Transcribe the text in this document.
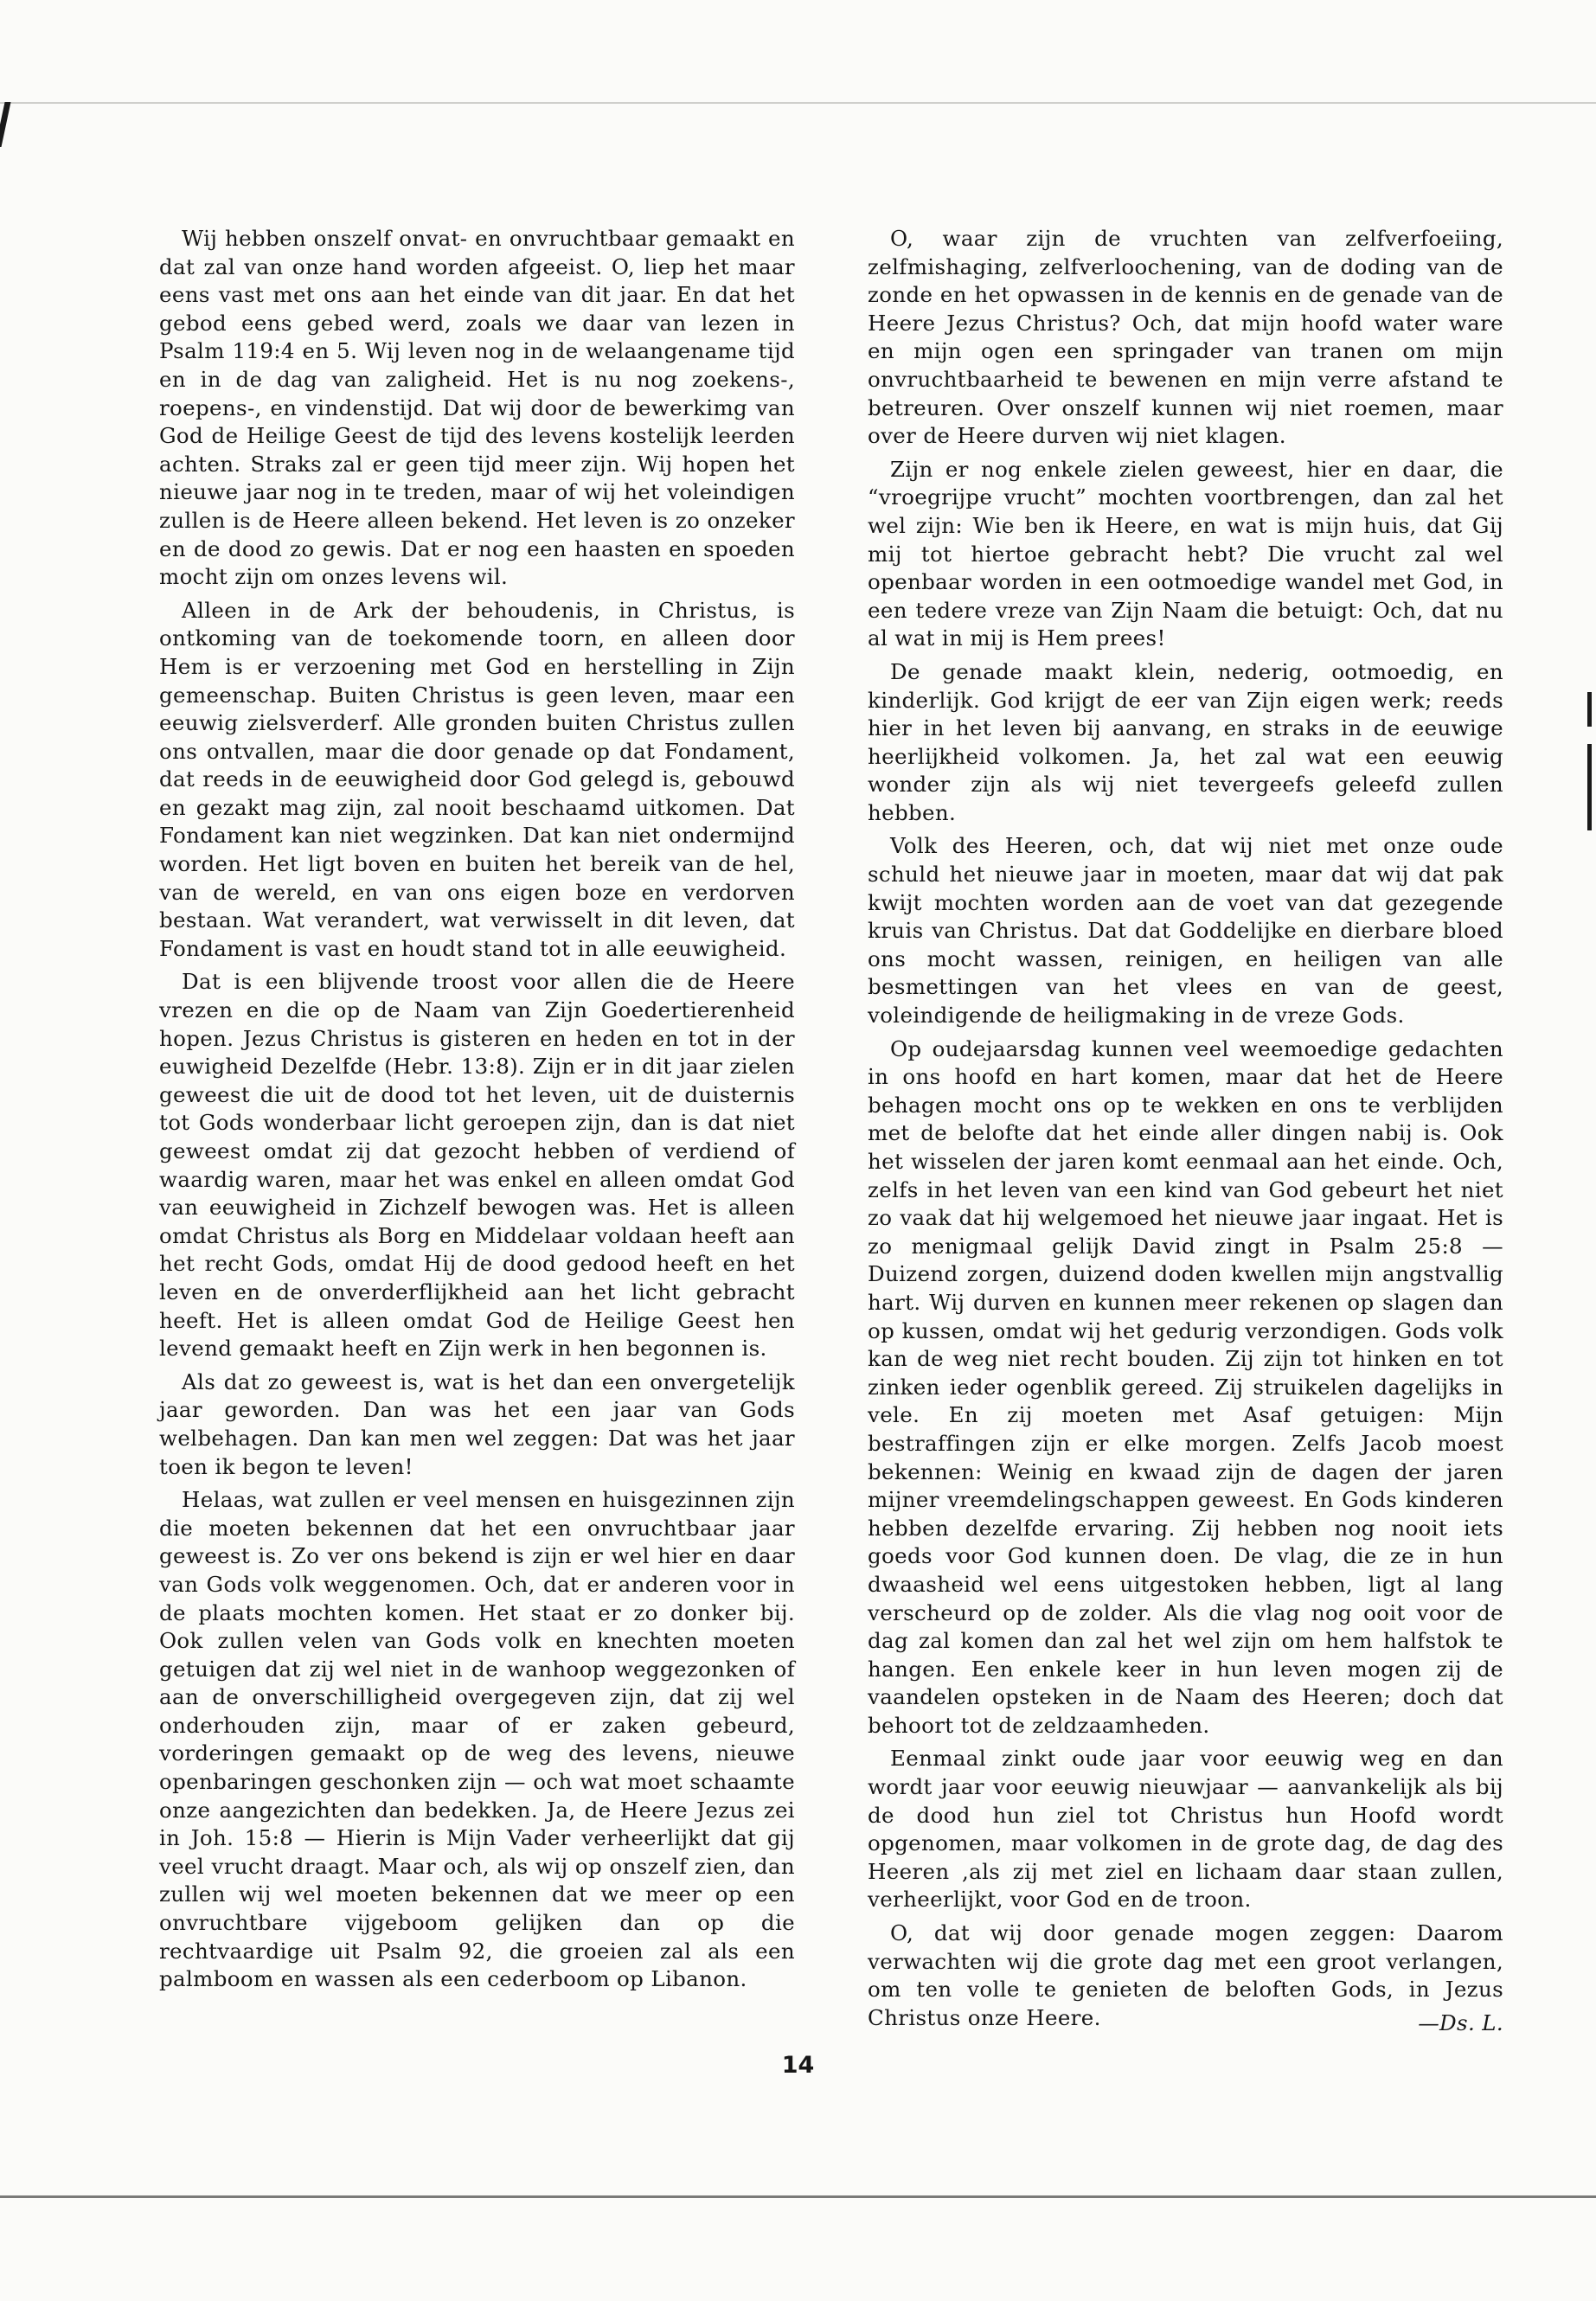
Wij hebben onszelf onvat- en onvruchtbaar gemaakt en dat zal van onze hand worden afgeeist. O, liep het maar eens vast met ons aan het einde van dit jaar. En dat het gebod eens gebed werd, zoals we daar van lezen in Psalm 119:4 en 5. Wij leven nog in de welaangename tijd en in de dag van zaligheid. Het is nu nog zoekens-, roepens-, en vindenstijd. Dat wij door de bewerkimg van God de Heilige Geest de tijd des levens kostelijk leerden achten. Straks zal er geen tijd meer zijn. Wij hopen het nieuwe jaar nog in te treden, maar of wij het voleindigen zullen is de Heere alleen bekend. Het leven is zo onzeker en de dood zo gewis. Dat er nog een haasten en spoeden mocht zijn om onzes levens wil.

Alleen in de Ark der behoudenis, in Christus, is ontkoming van de toekomende toorn, en alleen door Hem is er verzoening met God en herstelling in Zijn gemeenschap. Buiten Christus is geen leven, maar een eeuwig zielsverderf. Alle gronden buiten Christus zullen ons ontvallen, maar die door genade op dat Fondament, dat reeds in de eeuwigheid door God gelegd is, gebouwd en gezakt mag zijn, zal nooit beschaamd uitkomen. Dat Fondament kan niet wegzinken. Dat kan niet ondermijnd worden. Het ligt boven en buiten het bereik van de hel, van de wereld, en van ons eigen boze en verdorven bestaan. Wat verandert, wat verwisselt in dit leven, dat Fondament is vast en houdt stand tot in alle eeuwigheid.

Dat is een blijvende troost voor allen die de Heere vrezen en die op de Naam van Zijn Goedertierenheid hopen. Jezus Christus is gisteren en heden en tot in der euwigheid Dezelfde (Hebr. 13:8). Zijn er in dit jaar zielen geweest die uit de dood tot het leven, uit de duisternis tot Gods wonderbaar licht geroepen zijn, dan is dat niet geweest omdat zij dat gezocht hebben of verdiend of waardig waren, maar het was enkel en alleen omdat God van eeuwigheid in Zichzelf bewogen was. Het is alleen omdat Christus als Borg en Middelaar voldaan heeft aan het recht Gods, omdat Hij de dood gedood heeft en het leven en de onverderflijkheid aan het licht gebracht heeft. Het is alleen omdat God de Heilige Geest hen levend gemaakt heeft en Zijn werk in hen begonnen is.

Als dat zo geweest is, wat is het dan een onvergetelijk jaar geworden. Dan was het een jaar van Gods welbehagen. Dan kan men wel zeggen: Dat was het jaar toen ik begon te leven!

Helaas, wat zullen er veel mensen en huisgezinnen zijn die moeten bekennen dat het een onvruchtbaar jaar geweest is. Zo ver ons bekend is zijn er wel hier en daar van Gods volk weggenomen. Och, dat er anderen voor in de plaats mochten komen. Het staat er zo donker bij. Ook zullen velen van Gods volk en knechten moeten getuigen dat zij wel niet in de wanhoop weggezonken of aan de onverschilligheid overgegeven zijn, dat zij wel onderhouden zijn, maar of er zaken gebeurd, vorderingen gemaakt op de weg des levens, nieuwe openbaringen geschonken zijn — och wat moet schaamte onze aangezichten dan bedekken. Ja, de Heere Jezus zei in Joh. 15:8 — Hierin is Mijn Vader verheerlijkt dat gij veel vrucht draagt. Maar och, als wij op onszelf zien, dan zullen wij wel moeten bekennen dat we meer op een onvruchtbare vijgeboom gelijken dan op die rechtvaardige uit Psalm 92, die groeien zal als een palmboom en wassen als een cederboom op Libanon.

O, waar zijn de vruchten van zelfverfoeiing, zelfmishaging, zelfverloochening, van de doding van de zonde en het opwassen in de kennis en de genade van de Heere Jezus Christus? Och, dat mijn hoofd water ware en mijn ogen een springader van tranen om mijn onvruchtbaarheid te bewenen en mijn verre afstand te betreuren. Over onszelf kunnen wij niet roemen, maar over de Heere durven wij niet klagen.

Zijn er nog enkele zielen geweest, hier en daar, die “vroegrijpe vrucht” mochten voortbrengen, dan zal het wel zijn: Wie ben ik Heere, en wat is mijn huis, dat Gij mij tot hiertoe gebracht hebt? Die vrucht zal wel openbaar worden in een ootmoedige wandel met God, in een tedere vreze van Zijn Naam die betuigt: Och, dat nu al wat in mij is Hem prees!

De genade maakt klein, nederig, ootmoedig, en kinderlijk. God krijgt de eer van Zijn eigen werk; reeds hier in het leven bij aanvang, en straks in de eeuwige heerlijkheid volkomen. Ja, het zal wat een eeuwig wonder zijn als wij niet tevergeefs geleefd zullen hebben.

Volk des Heeren, och, dat wij niet met onze oude schuld het nieuwe jaar in moeten, maar dat wij dat pak kwijt mochten worden aan de voet van dat gezegende kruis van Christus. Dat dat Goddelijke en dierbare bloed ons mocht wassen, reinigen, en heiligen van alle besmettingen van het vlees en van de geest, voleindigende de heiligmaking in de vreze Gods.

Op oudejaarsdag kunnen veel weemoedige gedachten in ons hoofd en hart komen, maar dat het de Heere behagen mocht ons op te wekken en ons te verblijden met de belofte dat het einde aller dingen nabij is. Ook het wisselen der jaren komt eenmaal aan het einde. Och, zelfs in het leven van een kind van God gebeurt het niet zo vaak dat hij welgemoed het nieuwe jaar ingaat. Het is zo menigmaal gelijk David zingt in Psalm 25:8 — Duizend zorgen, duizend doden kwellen mijn angstvallig hart. Wij durven en kunnen meer rekenen op slagen dan op kussen, omdat wij het gedurig verzondigen. Gods volk kan de weg niet recht bouden. Zij zijn tot hinken en tot zinken ieder ogenblik gereed. Zij struikelen dagelijks in vele. En zij moeten met Asaf getuigen: Mijn bestraffingen zijn er elke morgen. Zelfs Jacob moest bekennen: Weinig en kwaad zijn de dagen der jaren mijner vreemdelingschappen geweest. En Gods kinderen hebben dezelfde ervaring. Zij hebben nog nooit iets goeds voor God kunnen doen. De vlag, die ze in hun dwaasheid wel eens uitgestoken hebben, ligt al lang verscheurd op de zolder. Als die vlag nog ooit voor de dag zal komen dan zal het wel zijn om hem halfstok te hangen. Een enkele keer in hun leven mogen zij de vaandelen opsteken in de Naam des Heeren; doch dat behoort tot de zeldzaamheden.

Eenmaal zinkt oude jaar voor eeuwig weg en dan wordt jaar voor eeuwig nieuwjaar — aanvankelijk als bij de dood hun ziel tot Christus hun Hoofd wordt opgenomen, maar volkomen in de grote dag, de dag des Heeren ,als zij met ziel en lichaam daar staan zullen, verheerlijkt, voor God en de troon.

O, dat wij door genade mogen zeggen: Daarom verwachten wij die grote dag met een groot verlangen, om ten volle te genieten de beloften Gods, in Jezus Christus onze Heere.	—Ds. L.
14
